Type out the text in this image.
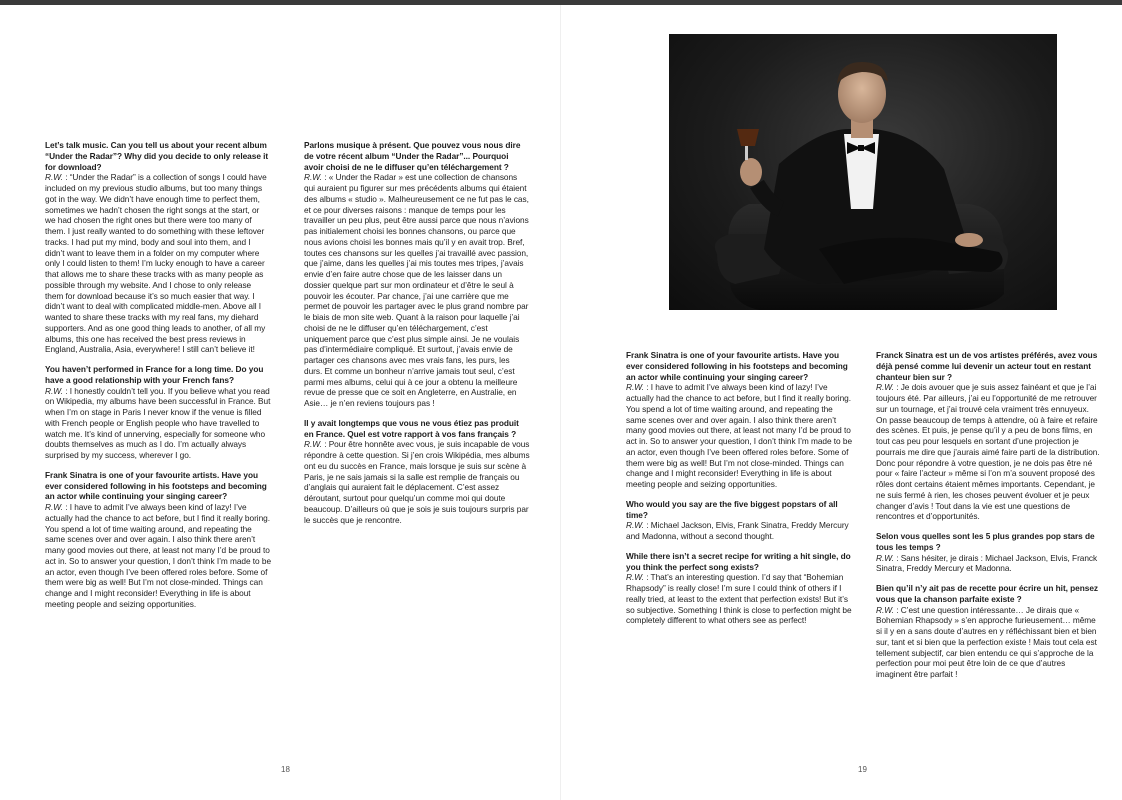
Let’s talk music. Can you tell us about your recent album “Under the Radar”? Why did you decide to only release it for download?

R.W. : “Under the Radar” is a collection of songs I could have included on my previous studio albums, but too many things got in the way. We didn’t have enough time to perfect them, sometimes we hadn’t chosen the right songs at the start, or we had chosen the right ones but there were too many of them. I just really wanted to do something with these leftover tracks. I had put my mind, body and soul into them, and I didn’t want to leave them in a folder on my computer where only I could listen to them! I’m lucky enough to have a career that allows me to share these tracks with as many people as possible through my website. And I chose to only release them for download because it’s so much easier that way. I didn’t want to deal with complicated middle-men. Above all I wanted to share these tracks with my real fans, my diehard supporters. And as one good thing leads to another, of all my albums, this one has received the best press reviews in England, Australia, Asia, everywhere! I still can’t believe it!

You haven’t performed in France for a long time. Do you have a good relationship with your French fans?

R.W. : I honestly couldn’t tell you. If you believe what you read on Wikipedia, my albums have been successful in France. But when I’m on stage in Paris I never know if the venue is filled with French people or English people who have travelled to watch me. It’s kind of unnerving, especially for someone who doubts themselves as much as I do. I’m actually always surprised by my success, wherever I go.

Frank Sinatra is one of your favourite artists. Have you ever considered following in his footsteps and becoming an actor while continuing your singing career?

R.W. : I have to admit I’ve always been kind of lazy! I’ve actually had the chance to act before, but I find it really boring. You spend a lot of time waiting around, and repeating the same scenes over and over again. I also think there aren’t many good movies out there, at least not many I’d be proud to act in. So to answer your question, I don’t think I’m made to be an actor, even though I’ve been offered roles before. Some of them were big as well! But I’m not close-minded. Things can change and I might reconsider! Everything in life is about meeting people and seizing opportunities.

Parlons musique à présent. Que pouvez vous nous dire de votre récent album “Under the Radar”... Pourquoi avoir choisi de ne le diffuser qu’en téléchargement ?

R.W. : « Under the Radar » est une collection de chansons qui auraient pu figurer sur mes précédents albums qui étaient des albums « studio ». Malheureusement ce ne fut pas le cas, et ce pour diverses raisons : manque de temps pour les travailler un peu plus, peut être aussi parce que nous n’avions pas initialement choisi les bonnes chansons, ou parce que nous avions choisi les bonnes mais qu’il y en avait trop. Bref, toutes ces chansons sur les quelles j’ai travaillé avec passion, que j’aime, dans les quelles j’ai mis toutes mes tripes, j’avais envie d’en faire autre chose que de les laisser dans un dossier quelque part sur mon ordinateur et d’être le seul à pouvoir les écouter. Par chance, j’ai une carrière que me permet de pouvoir les partager avec le plus grand nombre par le biais de mon site web. Quant à la raison pour laquelle j’ai choisi de ne le diffuser qu’en téléchargement, c’est uniquement parce que c’est plus simple ainsi. Je ne voulais pas d’intermédiaire compliqué. Et surtout, j’avais envie de partager ces chansons avec mes vrais fans, les purs, les durs. Et comme un bonheur n’arrive jamais tout seul, c’est parmi mes albums, celui qui à ce jour a obtenu la meilleure revue de presse que ce soit en Angleterre, en Australie, en Asie… je n’en reviens toujours pas !

Il y avait longtemps que vous ne vous étiez pas produit en France. Quel est votre rapport à vos fans français ?

R.W. : Pour être honnête avec vous, je suis incapable de vous répondre à cette question. Si j’en crois Wikipédia, mes albums ont eu du succès en France, mais lorsque je suis sur scène à Paris, je ne sais jamais si la salle est remplie de français ou d’anglais qui auraient fait le déplacement. C’est assez déroutant, surtout pour quelqu’un comme moi qui doute beaucoup. D’ailleurs où que je sois je suis toujours surpris par le succès que je rencontre.

Frank Sinatra is one of your favourite artists. Have you ever considered following in his footsteps and becoming an actor while continuing your singing career?

R.W. : I have to admit I’ve always been kind of lazy! I’ve actually had the chance to act before, but I find it really boring. You spend a lot of time waiting around, and repeating the same scenes over and over again. I also think there aren’t many good movies out there, at least not many I’d be proud to act in. So to answer your question, I don’t think I’m made to be an actor, even though I’ve been offered roles before. Some of them were big as well! But I’m not close-minded. Things can change and I might reconsider! Everything in life is about meeting people and seizing opportunities.

Who would you say are the five biggest popstars of all time?

R.W. : Michael Jackson, Elvis, Frank Sinatra, Freddy Mercury and Madonna, without a second thought.

While there isn’t a secret recipe for writing a hit single, do you think the perfect song exists?

R.W. : That’s an interesting question. I’d say that “Bohemian Rhapsody” is really close! I’m sure I could think of others if I really tried, at least to the extent that perfection exists! But it’s so subjective. Something I think is close to perfection might be completely different to what others see as perfect!

Franck Sinatra est un de vos artistes préférés, avez vous déjà pensé comme lui devenir un acteur tout en restant chanteur bien sur ?

R.W. : Je dois avouer que je suis assez fainéant et que je l’ai toujours été. Par ailleurs, j’ai eu l’opportunité de me retrouver sur un tournage, et j’ai trouvé cela vraiment très ennuyeux. On passe beaucoup de temps à attendre, où à faire et refaire des scènes. Et puis, je pense qu’il y a peu de bons films, en tout cas peu pour lesquels en sortant d’une projection je pourrais me dire que j’aurais aimé faire parti de la distribution. Donc pour répondre à votre question, je ne dois pas être né pour « faire l’acteur » même si l’on m’a souvent proposé des rôles dont certains étaient mêmes importants. Cependant, je ne suis fermé à rien, les choses peuvent évoluer et je peux changer d’avis ! Tout dans la vie est une questions de rencontres et d’opportunités.

Selon vous quelles sont les 5 plus grandes pop stars de tous les temps ?

R.W. : Sans hésiter, je dirais : Michael Jackson, Elvis, Franck Sinatra, Freddy Mercury et Madonna.

Bien qu’il n’y ait pas de recette pour écrire un hit, pensez vous que la chanson parfaite existe ?

R.W. : C’est une question intéressante… Je dirais que « Bohemian Rhapsody » s’en approche furieusement… même si il y en a sans doute d’autres en y réfléchissant bien et bien sur, tant et si bien que la perfection existe ! Mais tout cela est tellement subjectif, car bien entendu ce qui s’approche de la perfection pour moi peut être loin de ce que d’autres imaginent être parfait !

18	19
